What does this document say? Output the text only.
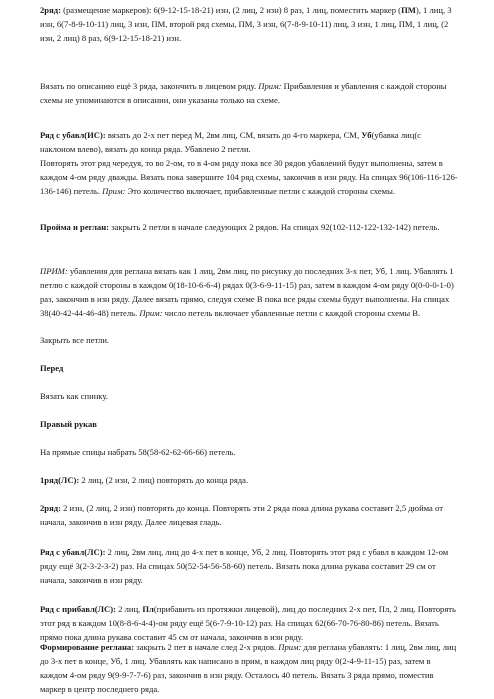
2ряд: (размещение маркеров): 6(9-12-15-18-21) изн, (2 лиц, 2 изн) 8 раз, 1 лиц, поместить маркер (ПМ), 1 лиц, 3 изн, 6(7-8-9-10-11) лиц, 3 изн, ПМ, второй ряд схемы, ПМ, 3 изн, 6(7-8-9-10-11) лиц, 3 изн, 1 лиц, ПМ, 1 лиц, (2 изн, 2 лиц) 8 раз, 6(9-12-15-18-21) изн.

Вязать по описанию ещё 3 ряда, закончить в лицевом ряду. Прим: Прибавления и убавления с каждой стороны схемы не упоминаются в описании, они указаны только на схеме.

Ряд с убавл(ИС): вязать до 2-х пет перед М, 2вм лиц, СМ, вязать до 4-го маркера, СМ, Уб(убавка лиц(с наклоном влево), вязать до конца ряда. Убавлено 2 петли.

Повторять этот ряд чередуя, то во 2-ом, то в 4-ом ряду пока все 30 рядов убавлений будут выполнены, затем в каждом 4-ом ряду дважды. Вязать пока завершите 104 ряд схемы, закончив в изн ряду. На спицах 96(106-116-126-136-146) петель. Прим: Это количество включает, прибавленные петли с каждой стороны схемы.

Пройма и реглан: закрыть 2 петли в начале следующих 2 рядов. На спицах 92(102-112-122-132-142) петель.

ПРИМ: убавления для реглана вязать как 1 лиц, 2вм лиц, по рисунку до последних 3-х пет, Уб, 1 лиц. Убавлять 1 петлю с каждой стороны в каждом 0(18-10-6-6-4) рядах 0(3-6-9-11-15) раз, затем в каждом 4-ом ряду 0(0-0-0-1-0) раз, закончив в изн ряду. Далее вязать прямо, следуя схеме В пока все ряды схемы будут выполнены. На спицах 38(40-42-44-46-48) петель. Прим: число петель включает убавленные петли с каждой стороны схемы В.

Закрыть все петли.

Перед

Вязать как спинку.

Правый рукав

На прямые спицы набрать 58(58-62-62-66-66) петель.

1ряд(ЛС): 2 лиц, (2 изн, 2 лиц) повторять до конца ряда.

2ряд: 2 изн, (2 лиц, 2 изн) повторять до конца. Повторять эти 2 ряда пока длина рукава составит 2,5 дюйма от начала, закончив в изн ряду. Далее лицевая гладь.

Ряд с убавл(ЛС): 2 лиц, 2вм лиц, лиц до 4-х пет в конце, Уб, 2 лиц. Повторять этот ряд с убавл в каждом 12-ом ряду ещё 3(2-3-2-3-2) раз. На спицах 50(52-54-56-58-60) петель. Вязать пока длина рукава составит 29 см от начала, закончив в изн ряду.

Ряд с прибавл(ЛС): 2 лиц, Пл(прибавить из протяжки лицевой), лиц до последних 2-х пет, Пл, 2 лиц. Повторять этот ряд в каждом 10(8-8-6-4-4)-ом ряду ещё 5(6-7-9-10-12) раз. На спицах 62(66-70-76-80-86) петель. Вязать прямо пока длина рукава составит 45 см от начала, закончив в изн ряду.

Формирование реглана: закрыть 2 пет в начале след 2-х рядов. Прим: для реглана убавлять: 1 лиц, 2вм лиц, лиц до 3-х пет в конце, Уб, 1 лиц. Убавлять как написано в прим, в каждом лиц ряду 0(2-4-9-11-15) раз, затем в каждом 4-ом ряду 9(9-9-7-7-6) раз, закончив в изн ряду. Осталось 40 петель. Вязать 3 ряда прямо, поместив маркер в центр последнего ряда.
